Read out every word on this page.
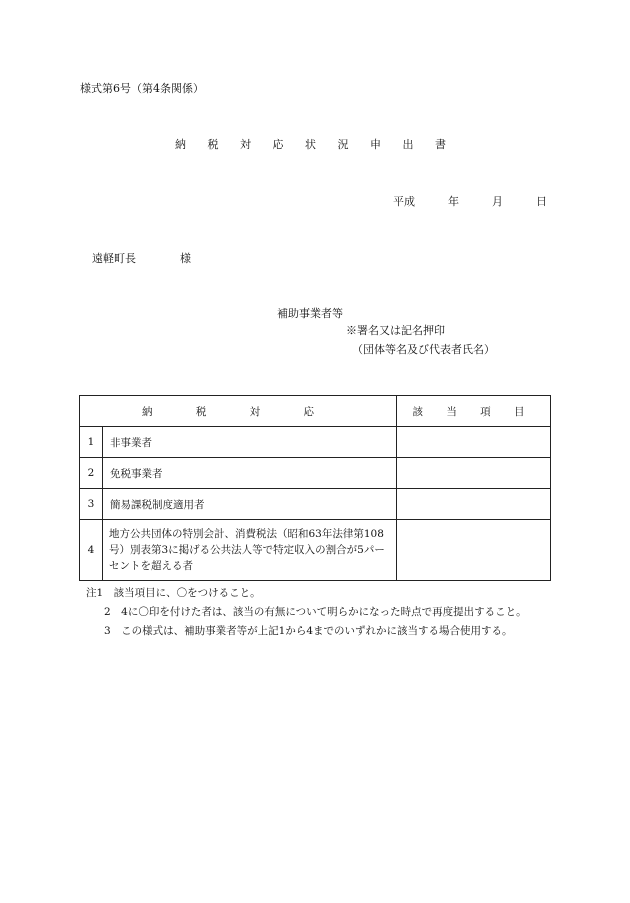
様式第6号（第4条関係）
納 税 対 応 状 況 申 出 書
平成	年	月	日
遠軽町長	様
補助事業者等
※署名又は記名押印
（団体等名及び代表者氏名）
納 税 対 応		該 当 項 目
1	非事業者	
2	免税事業者	
3	簡易課税制度適用者	
4	地方公共団体の特別会計、消費税法（昭和63年法律第108号）別表第3に掲げる公共法人等で特定収入の割合が5パーセントを超える者	
注1　該当項目に、〇をつけること。
2　4に〇印を付けた者は、該当の有無について明らかになった時点で再度提出すること。
3　この様式は、補助事業者等が上記1から4までのいずれかに該当する場合使用する。
